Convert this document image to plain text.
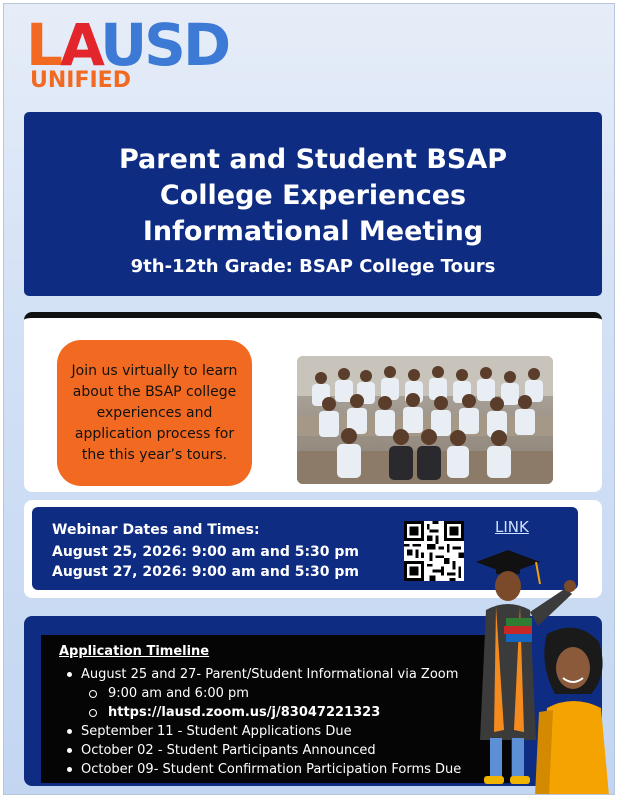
LAUSD
UNIFIED
Parent and Student BSAP
College Experiences
Informational Meeting
9th-12th Grade: BSAP College Tours
Join us virtually to learn about the BSAP college experiences and application process for the this year’s tours.
Webinar Dates and Times:
August 25, 2026: 9:00 am and 5:30 pm
August 27, 2026: 9:00 am and 5:30 pm
LINK
Application Timeline
August 25 and 27- Parent/Student Informational via Zoom
9:00 am and 6:00 pm
https://lausd.zoom.us/j/83047221323
September 11 - Student Applications Due
October 02 - Student Participants Announced
October 09- Student Confirmation Participation Forms Due
